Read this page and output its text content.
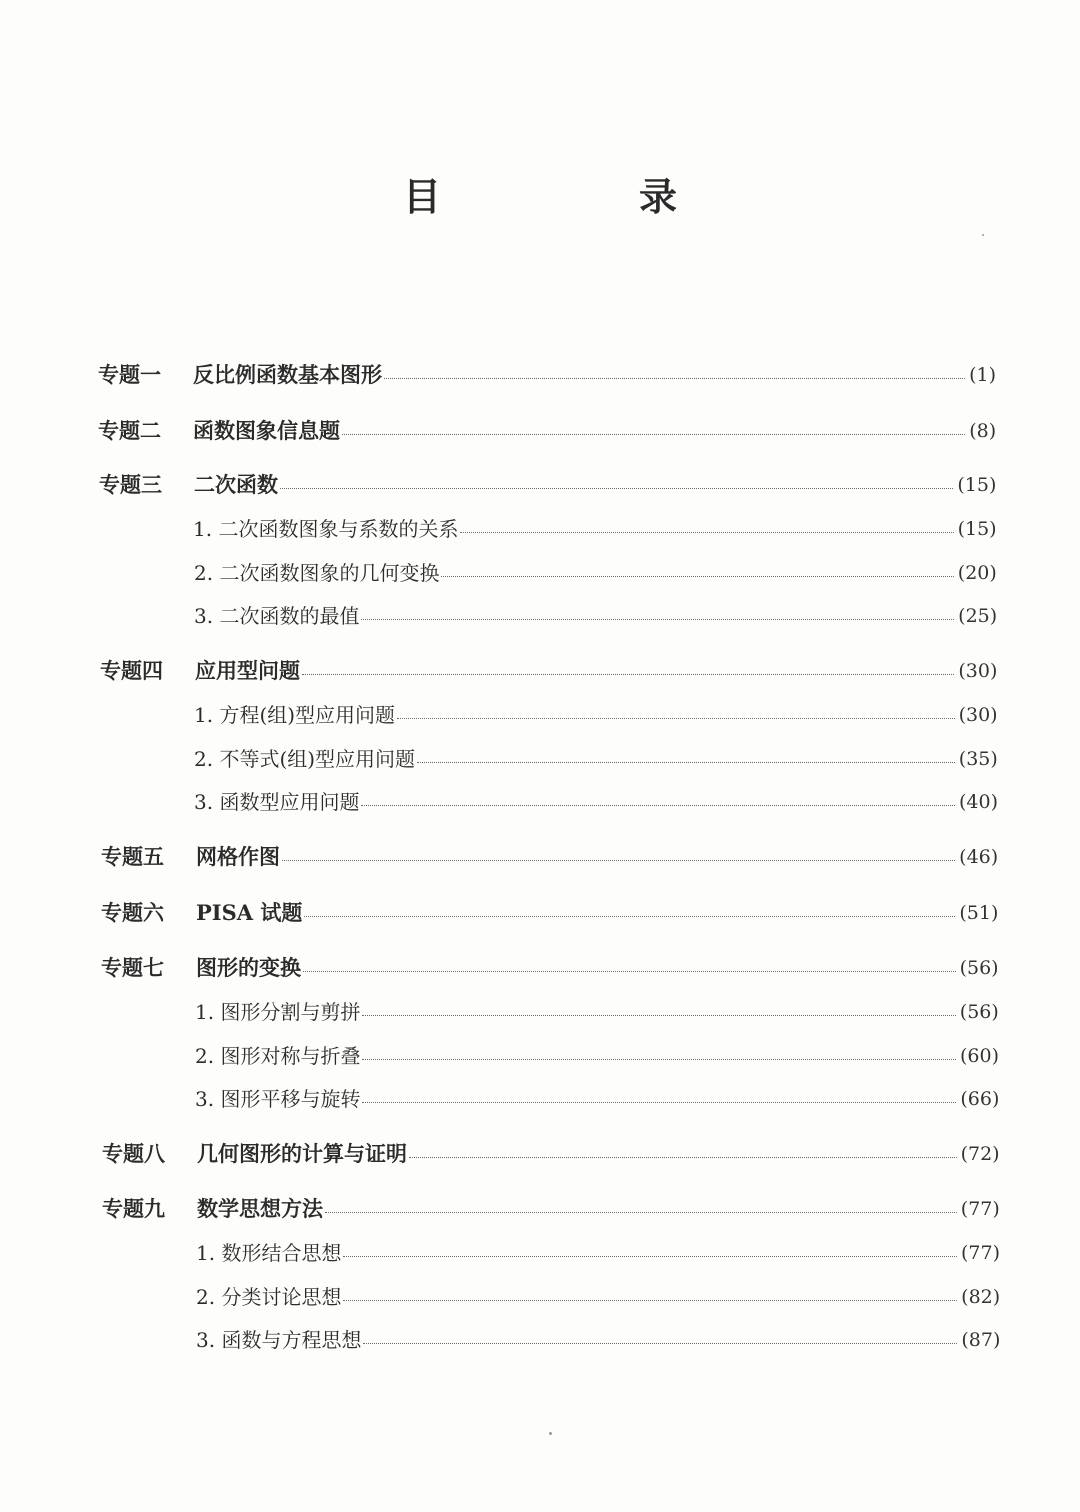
目　录
专题一	反比例函数基本图形	(1)
专题二	函数图象信息题	(8)
专题三	二次函数	(15)
1. 二次函数图象与系数的关系	(15)
2. 二次函数图象的几何变换	(20)
3. 二次函数的最值	(25)
专题四	应用型问题	(30)
1. 方程(组)型应用问题	(30)
2. 不等式(组)型应用问题	(35)
3. 函数型应用问题	(40)
专题五	网格作图	(46)
专题六	PISA 试题	(51)
专题七	图形的变换	(56)
1. 图形分割与剪拼	(56)
2. 图形对称与折叠	(60)
3. 图形平移与旋转	(66)
专题八	几何图形的计算与证明	(72)
专题九	数学思想方法	(77)
1. 数形结合思想	(77)
2. 分类讨论思想	(82)
3. 函数与方程思想	(87)
